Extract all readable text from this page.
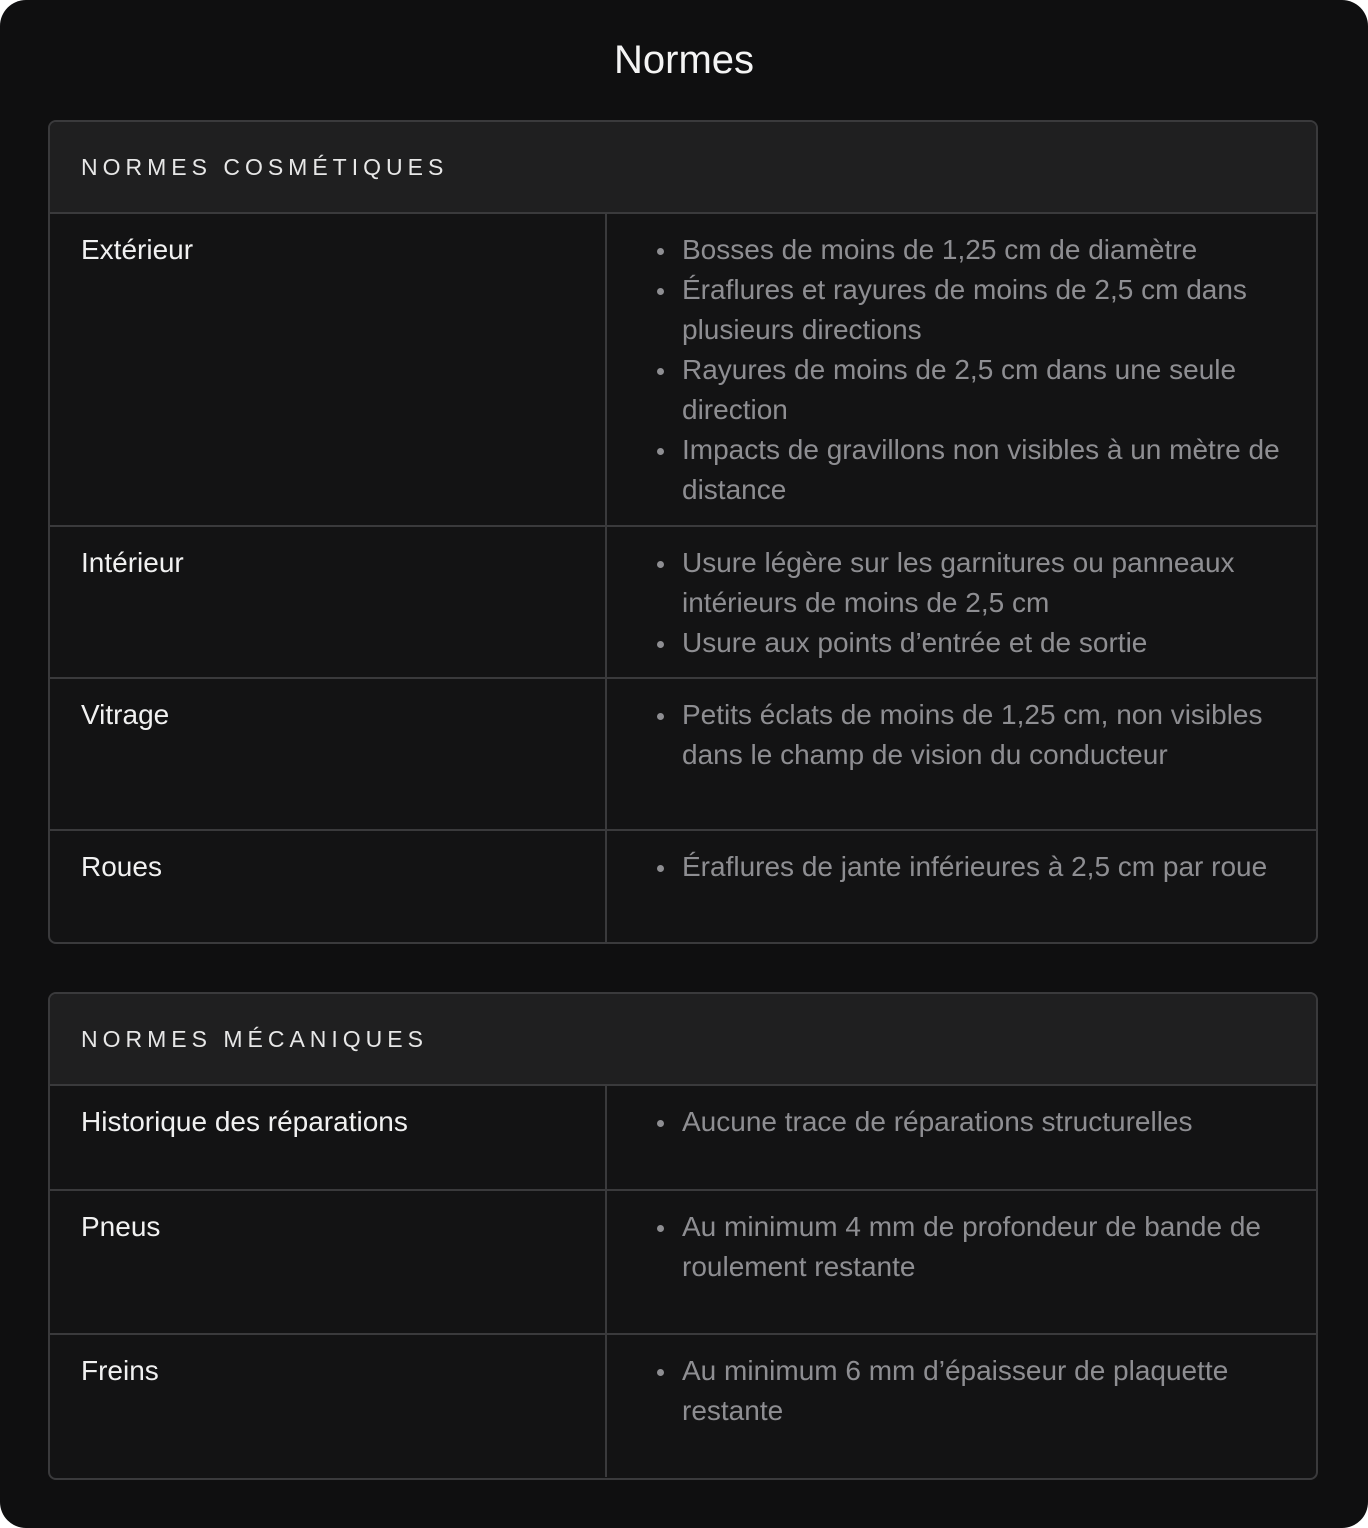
Normes
NORMES COSMÉTIQUES
Extérieur	Bosses de moins de 1,25 cm de diamètre
Éraflures et rayures de moins de 2,5 cm dans plusieurs directions
Rayures de moins de 2,5 cm dans une seule direction
Impacts de gravillons non visibles à un mètre de distance
Intérieur	Usure légère sur les garnitures ou panneaux intérieurs de moins de 2,5 cm
Usure aux points d’entrée et de sortie
Vitrage	Petits éclats de moins de 1,25 cm, non visibles dans le champ de vision du conducteur
Roues	Éraflures de jante inférieures à 2,5 cm par roue
NORMES MÉCANIQUES
Historique des réparations	Aucune trace de réparations structurelles
Pneus	Au minimum 4 mm de profondeur de bande de roulement restante
Freins	Au minimum 6 mm d’épaisseur de plaquette restante
